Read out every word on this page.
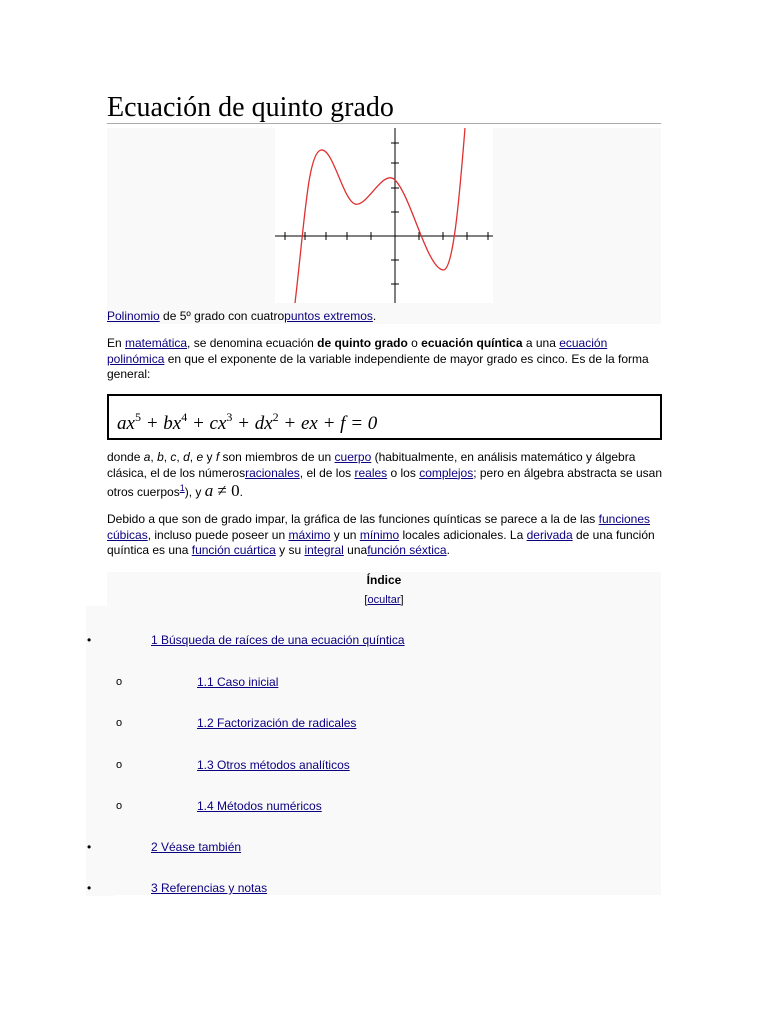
Ecuación de quinto grado
Polinomio de 5º grado con cuatropuntos extremos.

En matemática, se denomina ecuación de quinto grado o ecuación quíntica a una ecuación polinómica en que el exponente de la variable independiente de mayor grado es cinco. Es de la forma general:

$ax^5 + bx^4 + cx^3 + dx^2$ + ex + f = 0

donde a, b, c, d, e y f son miembros de un cuerpo (habitualmente, en análisis matemático y álgebra clásica, el de los númerosracionales, el de los reales o los complejos; pero en álgebra abstracta se usan otros cuerpos$^1$), y a ≠ 0.

Debido a que son de grado impar, la gráfica de las funciones quínticas se parece a la de las funciones cúbicas, incluso puede poseer un máximo y un mínimo locales adicionales. La derivada de una función quíntica es una función cuártica y su integral unafunción séxtica.

Índice
[ocultar]
•	1 Búsqueda de raíces de una ecuación quíntica
o	1.1 Caso inicial
o	1.2 Factorización de radicales
o	1.3 Otros métodos analíticos
o	1.4 Métodos numéricos
•	2 Véase también
•	3 Referencias y notas
